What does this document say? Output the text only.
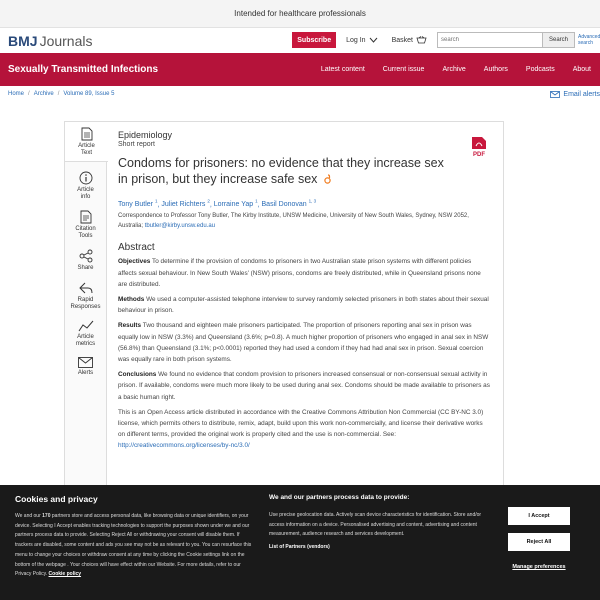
Intended for healthcare professionals
BMJ Journals	Subscribe	Log In	Basket
search	Search	Advanced search
Sexually Transmitted Infections	Latest content	Current issue	Archive	Authors	Podcasts	About
Home / Archive / Volume 89, Issue 5	Email alerts
Article Text
Article info
Citation Tools
Share
Rapid Responses
Article metrics
Alerts
PDF
Epidemiology
Short report
Condoms for prisoners: no evidence that they increase sex in prison, but they increase safe sex
Tony Butler $^1$, Juliet Richters $^2$, Lorraine Yap $^1$, Basil Donovan $^{1, 3}$
Correspondence to Professor Tony Butler, The Kirby Institute, UNSW Medicine, University of New South Wales, Sydney, NSW 2052, Australia; tbutler@kirby.unsw.edu.au
Abstract
Objectives To determine if the provision of condoms to prisoners in two Australian state prison systems with different policies affects sexual behaviour. In New South Wales' (NSW) prisons, condoms are freely distributed, while in Queensland prisons none are distributed.
Methods We used a computer-assisted telephone interview to survey randomly selected prisoners in both states about their sexual behaviour in prison.
Results Two thousand and eighteen male prisoners participated. The proportion of prisoners reporting anal sex in prison was equally low in NSW (3.3%) and Queensland (3.6%; p=0.8). A much higher proportion of prisoners who engaged in anal sex in NSW (56.8%) than Queensland (3.1%; p<0.0001) reported they had used a condom if they had had anal sex in prison. Sexual coercion was equally rare in both prison systems.
Conclusions We found no evidence that condom provision to prisoners increased consensual or non-consensual sexual activity in prison. If available, condoms were much more likely to be used during anal sex. Condoms should be made available to prisoners as a basic human right.
This is an Open Access article distributed in accordance with the Creative Commons Attribution Non Commercial (CC BY-NC 3.0) license, which permits others to distribute, remix, adapt, build upon this work non-commercially, and license their derivative works on different terms, provided the original work is properly cited and the use is non-commercial. See: http://creativecommons.org/licenses/by-nc/3.0/
Cookies and privacy

We and our 170 partners store and access personal data, like browsing data or unique identifiers, on your device. Selecting I Accept enables tracking technologies to support the purposes shown under we and our partners process data to provide. Selecting Reject All or withdrawing your consent will disable them. If trackers are disabled, some content and ads you see may not be as relevant to you. You can resurface this menu to change your choices or withdraw consent at any time by clicking the Cookie settings link on the bottom of the webpage . Your choices will have effect within our Website. For more details, refer to our Privacy Policy. Cookie policy

We and our partners process data to provide:

Use precise geolocation data. Actively scan device characteristics for identification. Store and/or access information on a device. Personalised advertising and content, advertising and content measurement, audience research and services development.

List of Partners (vendors)
I Accept
Reject All
Manage preferences
